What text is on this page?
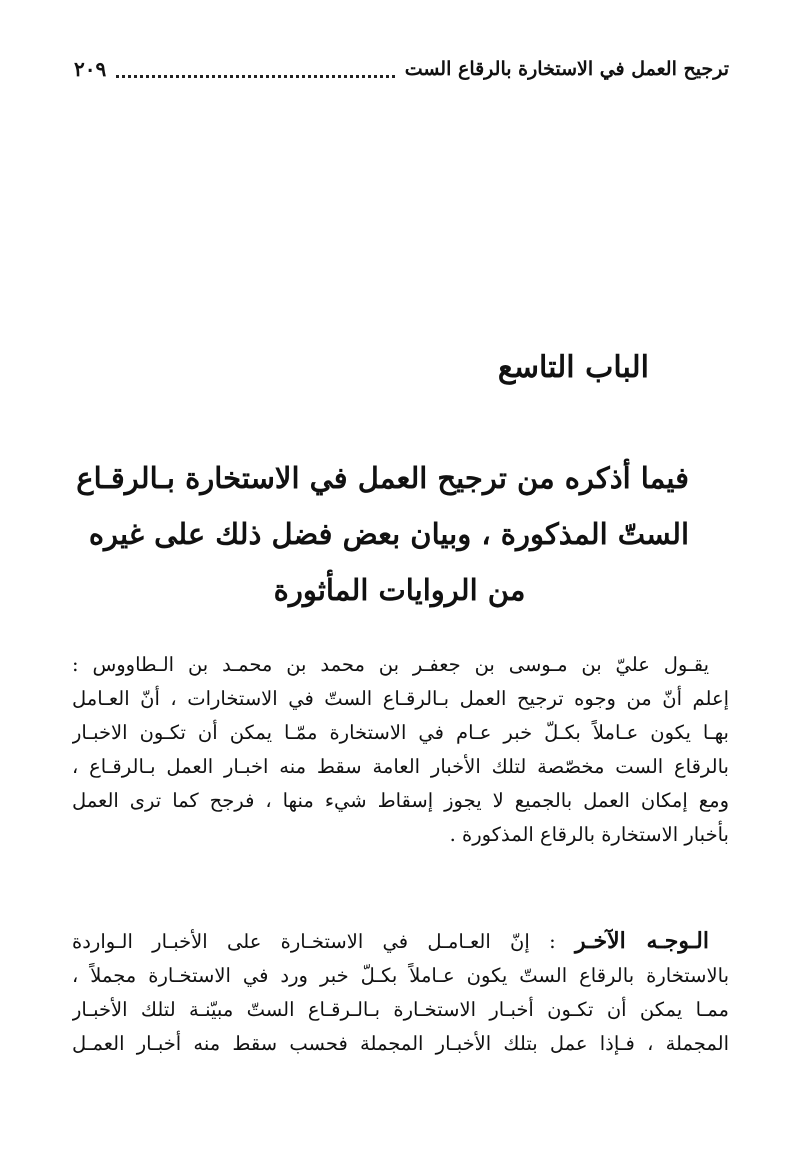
ترجيح العمل في الاستخارة بالرقاع الست
٢٠٩
الباب التاسع
فيما أذكره من ترجيح العمل في الاستخارة بـالرقـاع
الستّ المذكورة ، وبيان بعض فضل ذلك على غيره
من الروايات المأثورة
يقـول عليّ بن مـوسى بن جعفـر بن محمد بن محمـد بن الـطاووس :
إعلم أنّ من وجوه ترجيح العمل بـالرقـاع الستّ في الاستخارات ، أنّ العـامل
بهـا يكون عـاملاً بكـلّ خبر عـام في الاستخارة ممّـا يمكن أن تكـون الاخبـار
بالرقاع الست مخصّصة لتلك الأخبار العامة سقط منه اخبـار العمل بـالرقـاع ،
ومع إمكان العمل بالجميع لا يجوز إسقاط شيء منها ، فرجح كما ترى العمل
بأخبار الاستخارة بالرقاع المذكورة .
الـوجـه الآخـر : إنّ العـامـل في الاستخـارة على الأخبـار الـواردة
بالاستخارة بالرقاع الستّ يكون عـاملاً بكـلّ خبر ورد في الاستخـارة مجملاً ،
ممـا يمكن أن تكـون أخبـار الاستخـارة بـالـرقـاع الستّ مبيّنـة لتلك الأخبـار
المجملة ، فـإذا عمل بتلك الأخبـار المجملة فحسب سقط منه أخبـار العمـل
